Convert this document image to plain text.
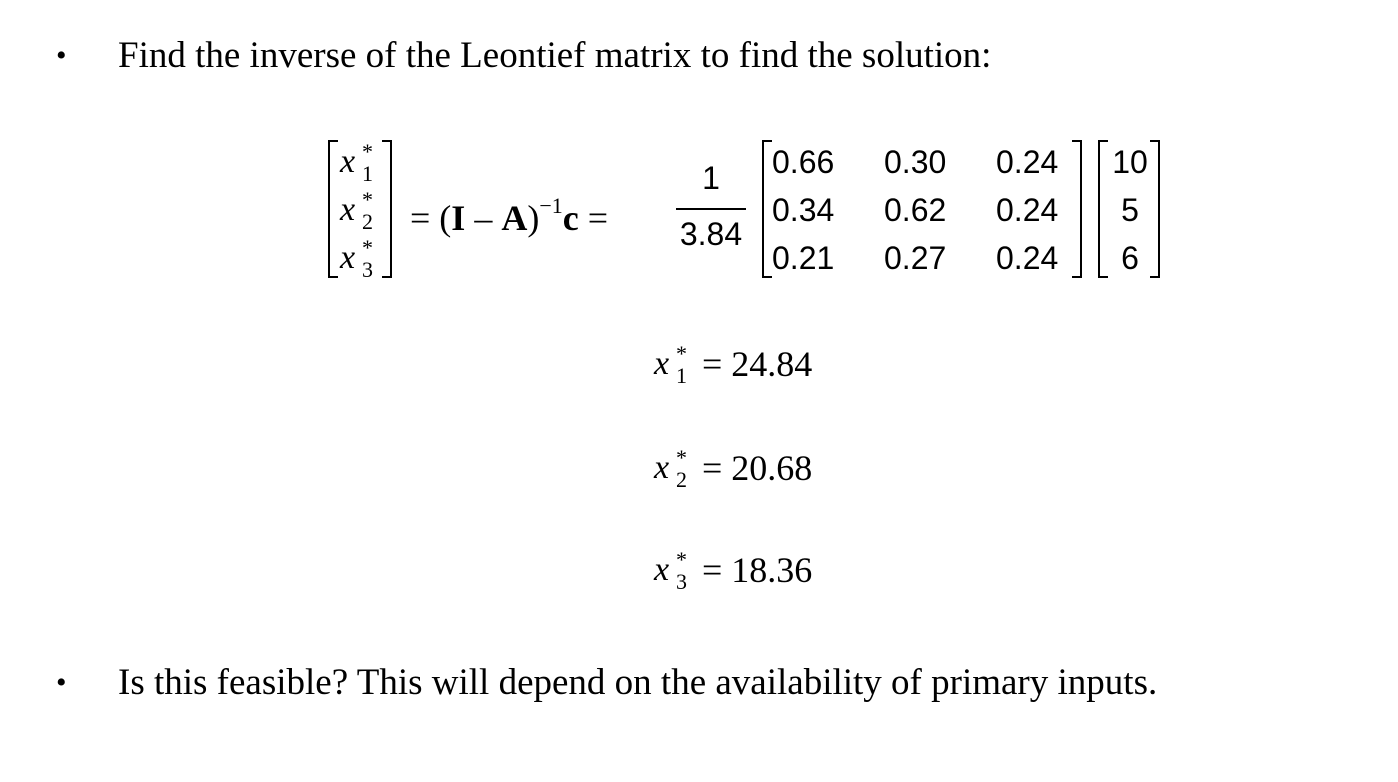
• Find the inverse of the Leontief matrix to find the solution:
x *
1
x *
2
x *
3
= (I – A)$^{-1}$c =
1
3.84
0.66	0.30	0.24
0.34	0.62	0.24
0.21	0.27	0.24
10
5
6
x *
1 = 24.84
x *
2 = 20.68
x *
3 = 18.36
• Is this feasible? This will depend on the availability of primary inputs.
